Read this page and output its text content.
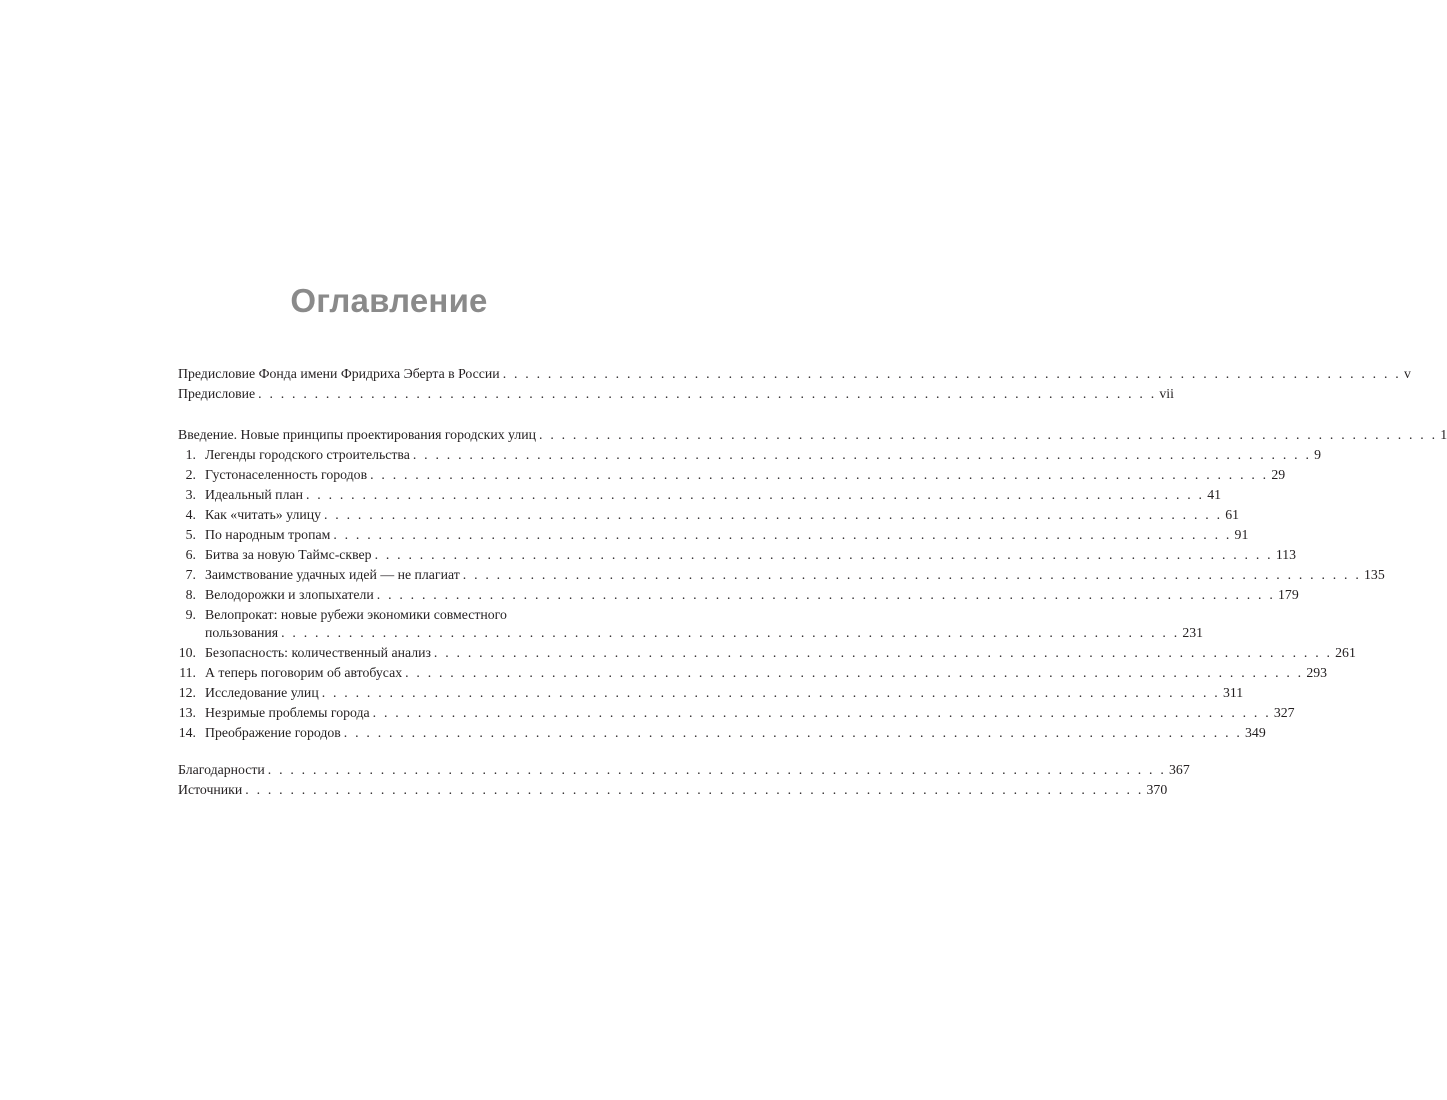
Оглавление
Предисловие Фонда имени Фридриха Эберта в России . . . . . . . . . . . . . . . . . . . . . . . . . . . . . . . . . . . . . . . . . . . . . . . . . . . . . . . . . . . . . . . . . . . . . . . . . . . . . . . . v
Предисловие . . . . . . . . . . . . . . . . . . . . . . . . . . . . . . . . . . . . . . . . . . . . . . . . . . . . . . . . . . . . . . . . . . . . . . . . . . . . . . . . vii
Введение. Новые принципы проектирования городских улиц . . . . . . . . . . . . . . . . . . . . . . . . . . . . . . . . . . . . . . . . . . . . . . . . . . . . . . . . . . . . . . . . . . . . . . . . . . . . . . . . 1
1. Легенды городского строительства . . . . . . . . . . . . . . . . . . . . . . . . . . . . . . . . . . . . . . . . . . . . . . . . . . . . . . . . . . . . . . . . . . . . . . . . . . . . . . . . 9
2. Густонаселенность городов . . . . . . . . . . . . . . . . . . . . . . . . . . . . . . . . . . . . . . . . . . . . . . . . . . . . . . . . . . . . . . . . . . . . . . . . . . . . . . . . 29
3. Идеальный план . . . . . . . . . . . . . . . . . . . . . . . . . . . . . . . . . . . . . . . . . . . . . . . . . . . . . . . . . . . . . . . . . . . . . . . . . . . . . . . . 41
4. Как «читать» улицу . . . . . . . . . . . . . . . . . . . . . . . . . . . . . . . . . . . . . . . . . . . . . . . . . . . . . . . . . . . . . . . . . . . . . . . . . . . . . . . . 61
5. По народным тропам . . . . . . . . . . . . . . . . . . . . . . . . . . . . . . . . . . . . . . . . . . . . . . . . . . . . . . . . . . . . . . . . . . . . . . . . . . . . . . . . 91
6. Битва за новую Таймс-сквер . . . . . . . . . . . . . . . . . . . . . . . . . . . . . . . . . . . . . . . . . . . . . . . . . . . . . . . . . . . . . . . . . . . . . . . . . . . . . . . . 113
7. Заимствование удачных идей — не плагиат . . . . . . . . . . . . . . . . . . . . . . . . . . . . . . . . . . . . . . . . . . . . . . . . . . . . . . . . . . . . . . . . . . . . . . . . . . . . . . . . 135
8. Велодорожки и злопыхатели . . . . . . . . . . . . . . . . . . . . . . . . . . . . . . . . . . . . . . . . . . . . . . . . . . . . . . . . . . . . . . . . . . . . . . . . . . . . . . . . 179
9. Велопрокат: новые рубежи экономики совместного
пользования . . . . . . . . . . . . . . . . . . . . . . . . . . . . . . . . . . . . . . . . . . . . . . . . . . . . . . . . . . . . . . . . . . . . . . . . . . . . . . . . 231
10. Безопасность: количественный анализ . . . . . . . . . . . . . . . . . . . . . . . . . . . . . . . . . . . . . . . . . . . . . . . . . . . . . . . . . . . . . . . . . . . . . . . . . . . . . . . . 261
11. А теперь поговорим об автобусах . . . . . . . . . . . . . . . . . . . . . . . . . . . . . . . . . . . . . . . . . . . . . . . . . . . . . . . . . . . . . . . . . . . . . . . . . . . . . . . . 293
12. Исследование улиц . . . . . . . . . . . . . . . . . . . . . . . . . . . . . . . . . . . . . . . . . . . . . . . . . . . . . . . . . . . . . . . . . . . . . . . . . . . . . . . . 311
13. Незримые проблемы города . . . . . . . . . . . . . . . . . . . . . . . . . . . . . . . . . . . . . . . . . . . . . . . . . . . . . . . . . . . . . . . . . . . . . . . . . . . . . . . . 327
14. Преображение городов . . . . . . . . . . . . . . . . . . . . . . . . . . . . . . . . . . . . . . . . . . . . . . . . . . . . . . . . . . . . . . . . . . . . . . . . . . . . . . . . 349
Благодарности . . . . . . . . . . . . . . . . . . . . . . . . . . . . . . . . . . . . . . . . . . . . . . . . . . . . . . . . . . . . . . . . . . . . . . . . . . . . . . . . 367
Источники . . . . . . . . . . . . . . . . . . . . . . . . . . . . . . . . . . . . . . . . . . . . . . . . . . . . . . . . . . . . . . . . . . . . . . . . . . . . . . . . 370
